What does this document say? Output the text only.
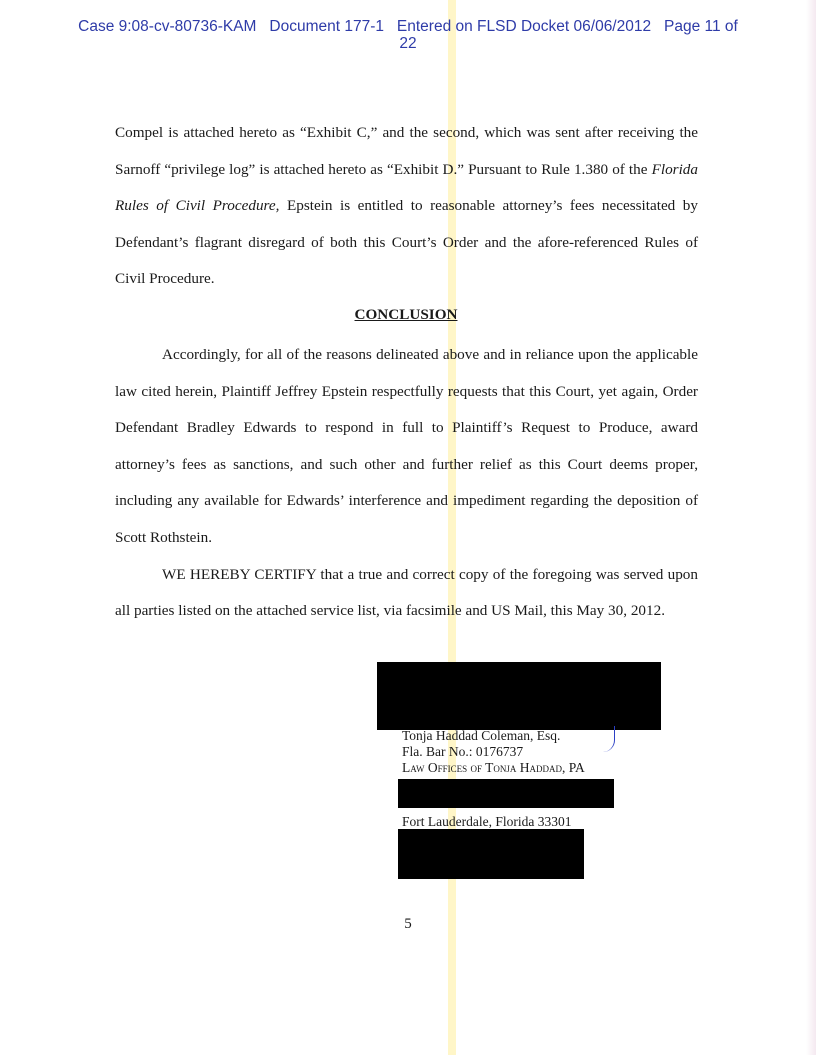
Case 9:08-cv-80736-KAM   Document 177-1   Entered on FLSD Docket 06/06/2012   Page 11 of
22

Compel is attached hereto as “Exhibit C,” and the second, which was sent after receiving the Sarnoff “privilege log” is attached hereto as “Exhibit D.” Pursuant to Rule 1.380 of the Florida Rules of Civil Procedure, Epstein is entitled to reasonable attorney’s fees necessitated by Defendant’s flagrant disregard of both this Court’s Order and the afore-referenced Rules of Civil Procedure.

CONCLUSION

Accordingly, for all of the reasons delineated above and in reliance upon the applicable law cited herein, Plaintiff Jeffrey Epstein respectfully requests that this Court, yet again, Order Defendant Bradley Edwards to respond in full to Plaintiff’s Request to Produce, award attorney’s fees as sanctions, and such other and further relief as this Court deems proper, including any available for Edwards’ interference and impediment regarding the deposition of Scott Rothstein.

WE HEREBY CERTIFY that a true and correct copy of the foregoing was served upon all parties listed on the attached service list, via facsimile and US Mail, this May 30, 2012.

Tonja Haddad Coleman, Esq.
Fla. Bar No.: 0176737
Law Offices of Tonja Haddad, PA
Fort Lauderdale, Florida 33301
5
